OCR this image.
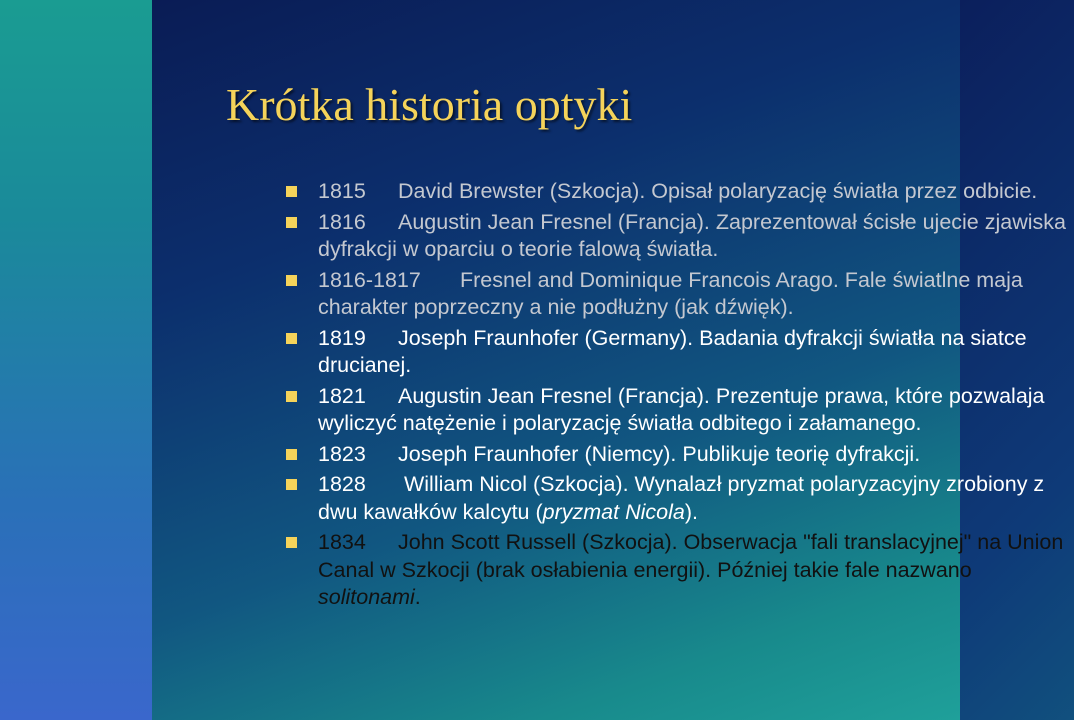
Krótka historia optyki
1815 David Brewster (Szkocja). Opisał polaryzację światła przez odbicie.
1816 Augustin Jean Fresnel (Francja). Zaprezentował ścisłe ujecie zjawiska dyfrakcji w oparciu o teorie falową światła.
1816-1817 Fresnel and Dominique Francois Arago. Fale światlne maja charakter poprzeczny a nie podłużny (jak dźwięk).
1819 Joseph Fraunhofer (Germany). Badania dyfrakcji światła na siatce drucianej.
1821 Augustin Jean Fresnel (Francja). Prezentuje prawa, które pozwalaja wyliczyć natężenie i polaryzację światła odbitego i załamanego.
1823 Joseph Fraunhofer (Niemcy). Publikuje teorię dyfrakcji.
1828 William Nicol (Szkocja). Wynalazł pryzmat polaryzacyjny zrobiony z dwu kawałków kalcytu (pryzmat Nicola).
1834 John Scott Russell (Szkocja). Obserwacja "fali translacyjnej" na Union Canal w Szkocji (brak osłabienia energii). Później takie fale nazwano solitonami.
